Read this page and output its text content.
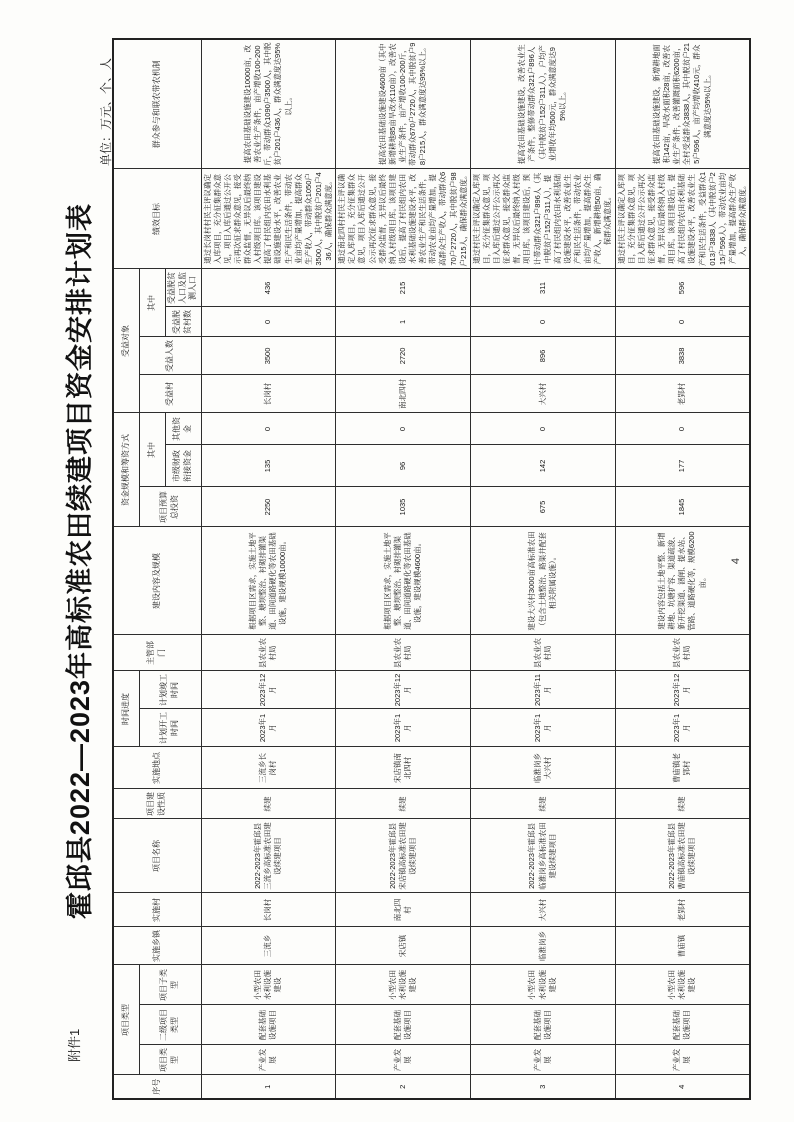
附件1
霍邱县2022—2023年高标准农田续建项目资金安排计划表
单位：万元、个、人
序号	项目类型			实施乡镇	实施村	项目名称	项目建设性质	实施地点	时间进度		主管部门	建设内容及规模	资金规模和筹资方式			受益对象				绩效目标	群众参与和联农带农机制
	项目类型	二级项目类型	项目子类型						计划开工时间	计划竣工时间			项目预算总投资	其中		受益村	受益人数	其中			
														市级财政衔接资金	其他资金			受益脱贫村数	受益脱贫人口及监测人口		
1	产业发展	配套基础设施项目	小型农田水利设施建设	三流乡	长岗村	2022-2023年霍邱县三流乡高标准农田建设续建项目	续建	三流乡长岗村	2023年1月	2023年12月	县农业农村局	根据项目区需求，实施土地平整、塘坝整治、衬砌排灌渠道、田间道路硬化等农田基础设施，建设规模10000亩。	2250	135	0	长岗村	3500	0	436	通过长岗村村民主评议确定入库项目，充分征集群众意见，项目入库后通过公开公示再次征求群众意见，接受群众监督，无异议后最终纳入村级项目库。该项目建设提高了村民组内农田水利基础设施建设水平，改善农业生产和民生活条件，带动农业亩均产量增加，提高群众生产收入，带动群众1050户3500人，其中脱贫户201户436人，确保群众满意度。	提高农田基础设施建设10000亩，改善农业生产条件，亩产增收100-200斤，带动群众1090户3500人，其中脱贫户201户436人，群众满意度达95%以上。
2	产业发展	配套基础设施项目	小型农田水利设施建设	宋店镇	南北四村	2022-2023年霍邱县宋店镇高标准农田建设续建项目	续建	宋店镇南北四村	2023年1月	2023年12月	县农业农村局	根据项目区需求，实施土地平整、塘坝整治、衬砌排灌渠道、田间道路硬化等农田基础设施，建设规模4600亩。	1035	96	0	南北四村	2720	1	215	通过南北四村村民主评议确定入库项目，充分征集群众意见，项目入库后通过公开公示再次征求群众意见，接受群众监督，无异议后最终纳入村级项目库。该项目建设后，提高了村民组内农田水利基础设施建设水平，改善农业生产和民生活条件，带动农业亩均产量增加，提高群众生产收入，带动群众670户2720人，其中脱贫户98户215人，确保群众满意度。	提高农田基础设施建设4600亩（其中新增耕地85亩旱改水110亩），改善农业生产条件，亩产增收100-200斤，带动群众670户2720人，其中脱贫户98户215人，群众满意度达95%以上。
3	产业发展	配套基础设施项目	小型农田水利设施建设	临淮岗乡	大兴村	2022-2023年霍邱县临淮岗乡高标准农田建设续建项目	续建	临淮岗乡大兴村	2023年1月	2023年11月	县农业农村局	建设大兴村3000亩高标准农田（包含土地整治、路渠井配套相关附属设施）。	675	142	0	大兴村	896	0	311	通过村民主评议确定入库项目，充分征集群众意见，项目入库后通过公开公示再次征求群众意见，接受群众监督，无异议后最终纳入村级项目库。该项目建设后，预计带动群众321户896人（其中脱贫户152户311人），提高了村民组内农田水利基础设施建设水平，改善农业生产和民生活条件，带动农业亩均产量增加，提高群众生产收入，新增耕地50亩，确保群众满意度。	提高农田基础设施建设，改善农业生产条件，整修带动群众321户896人（其中脱贫户152户311人），户均产业增收年均500元，群众满意度达95%以上。
4	产业发展	配套基础设施项目	小型农田水利设施建设	曹庙镇	老郢村	2022-2023年霍邱县曹庙镇高标准农田建设续建项目	续建	曹庙镇老郢村	2023年1月	2023年12月	县农业农村局	建设内容包括土地平整、新增耕地、坑塘扩容、渠道疏浚、新开挖渠道、涵闸、提水站、管路、道路硬化等，规模6200亩。	1845	177	0	老郢村	3838	0	596	通过村民主评议确定入库项目，充分征集群众意见，项目入库后通过公开公示再次征求群众意见，接受群众监督，无异议后最终纳入村级项目库。该项目建设后，提高了村民组内农田水利基础设施建设水平，改善农业生产和民生活条件，受益群众1013户3838人（其中脱贫户215户596人），带动农业亩均产量增加，提高群众生产收入，确保群众满意度。	提高农田基础设施建设，新增耕地面积142亩，旱改水面积28亩，改善农业生产条件，改善灌溉面积6200亩，全村受益群众3838人，其中脱贫户215户596人，亩产均增收410元，群众满意度达95%以上。
4
